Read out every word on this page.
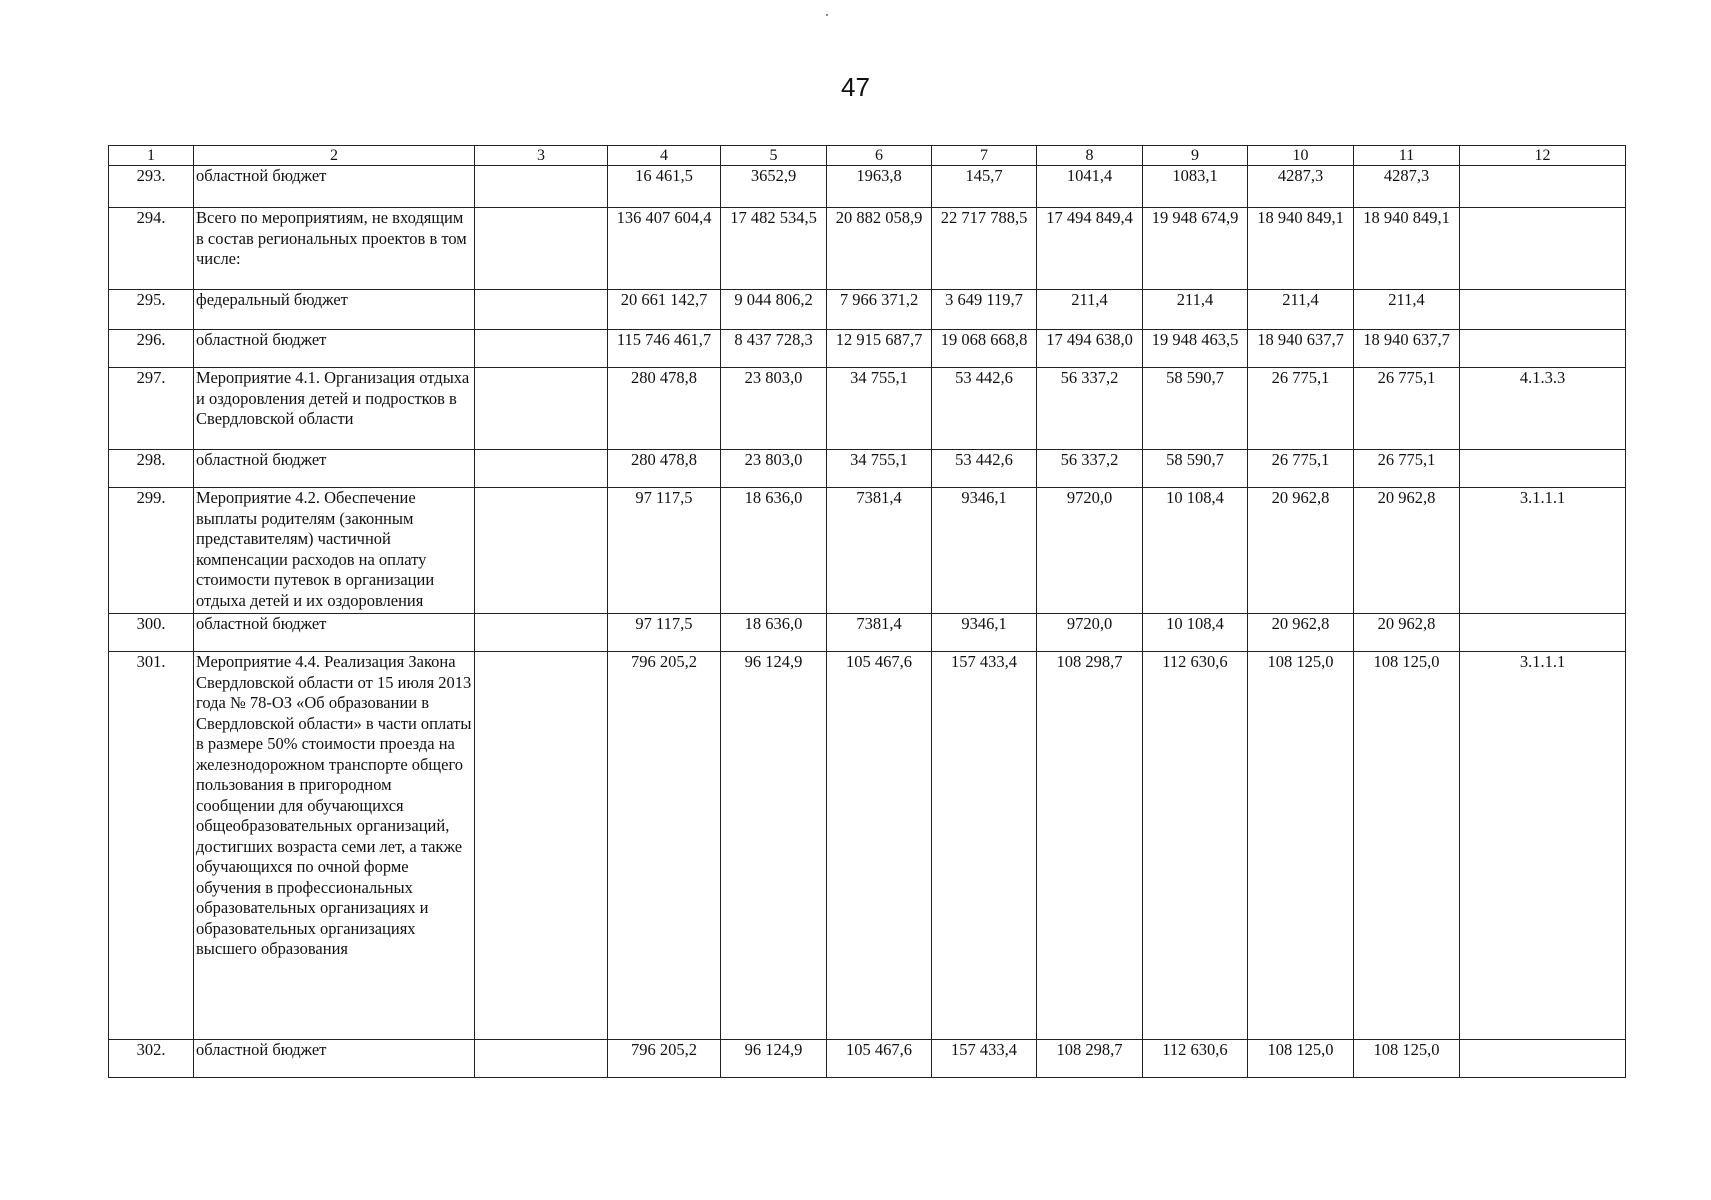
47
1	2	3	4	5	6	7	8	9	10	11	12
293.	областной бюджет		16 461,5	3652,9	1963,8	145,7	1041,4	1083,1	4287,3	4287,3	
294.	Всего по мероприятиям, не входящим в состав региональных проектов в том числе:		136 407 604,4	17 482 534,5	20 882 058,9	22 717 788,5	17 494 849,4	19 948 674,9	18 940 849,1	18 940 849,1	
295.	федеральный бюджет		20 661 142,7	9 044 806,2	7 966 371,2	3 649 119,7	211,4	211,4	211,4	211,4	
296.	областной бюджет		115 746 461,7	8 437 728,3	12 915 687,7	19 068 668,8	17 494 638,0	19 948 463,5	18 940 637,7	18 940 637,7	
297.	Мероприятие 4.1. Организация отдыха и оздоровления детей и подростков в Свердловской области		280 478,8	23 803,0	34 755,1	53 442,6	56 337,2	58 590,7	26 775,1	26 775,1	4.1.3.3
298.	областной бюджет		280 478,8	23 803,0	34 755,1	53 442,6	56 337,2	58 590,7	26 775,1	26 775,1	
299.	Мероприятие 4.2. Обеспечение выплаты родителям (законным представителям) частичной компенсации расходов на оплату стоимости путевок в организации отдыха детей и их оздоровления		97 117,5	18 636,0	7381,4	9346,1	9720,0	10 108,4	20 962,8	20 962,8	3.1.1.1
300.	областной бюджет		97 117,5	18 636,0	7381,4	9346,1	9720,0	10 108,4	20 962,8	20 962,8	
301.	Мероприятие 4.4. Реализация Закона Свердловской области от 15 июля 2013 года № 78-ОЗ «Об образовании в Свердловской области» в части оплаты в размере 50% стоимости проезда на железнодорожном транспорте общего пользования в пригородном сообщении для обучающихся общеобразовательных организаций, достигших возраста семи лет, а также обучающихся по очной форме обучения в профессиональных образовательных организациях и образовательных организациях высшего образования		796 205,2	96 124,9	105 467,6	157 433,4	108 298,7	112 630,6	108 125,0	108 125,0	3.1.1.1
302.	областной бюджет		796 205,2	96 124,9	105 467,6	157 433,4	108 298,7	112 630,6	108 125,0	108 125,0	
